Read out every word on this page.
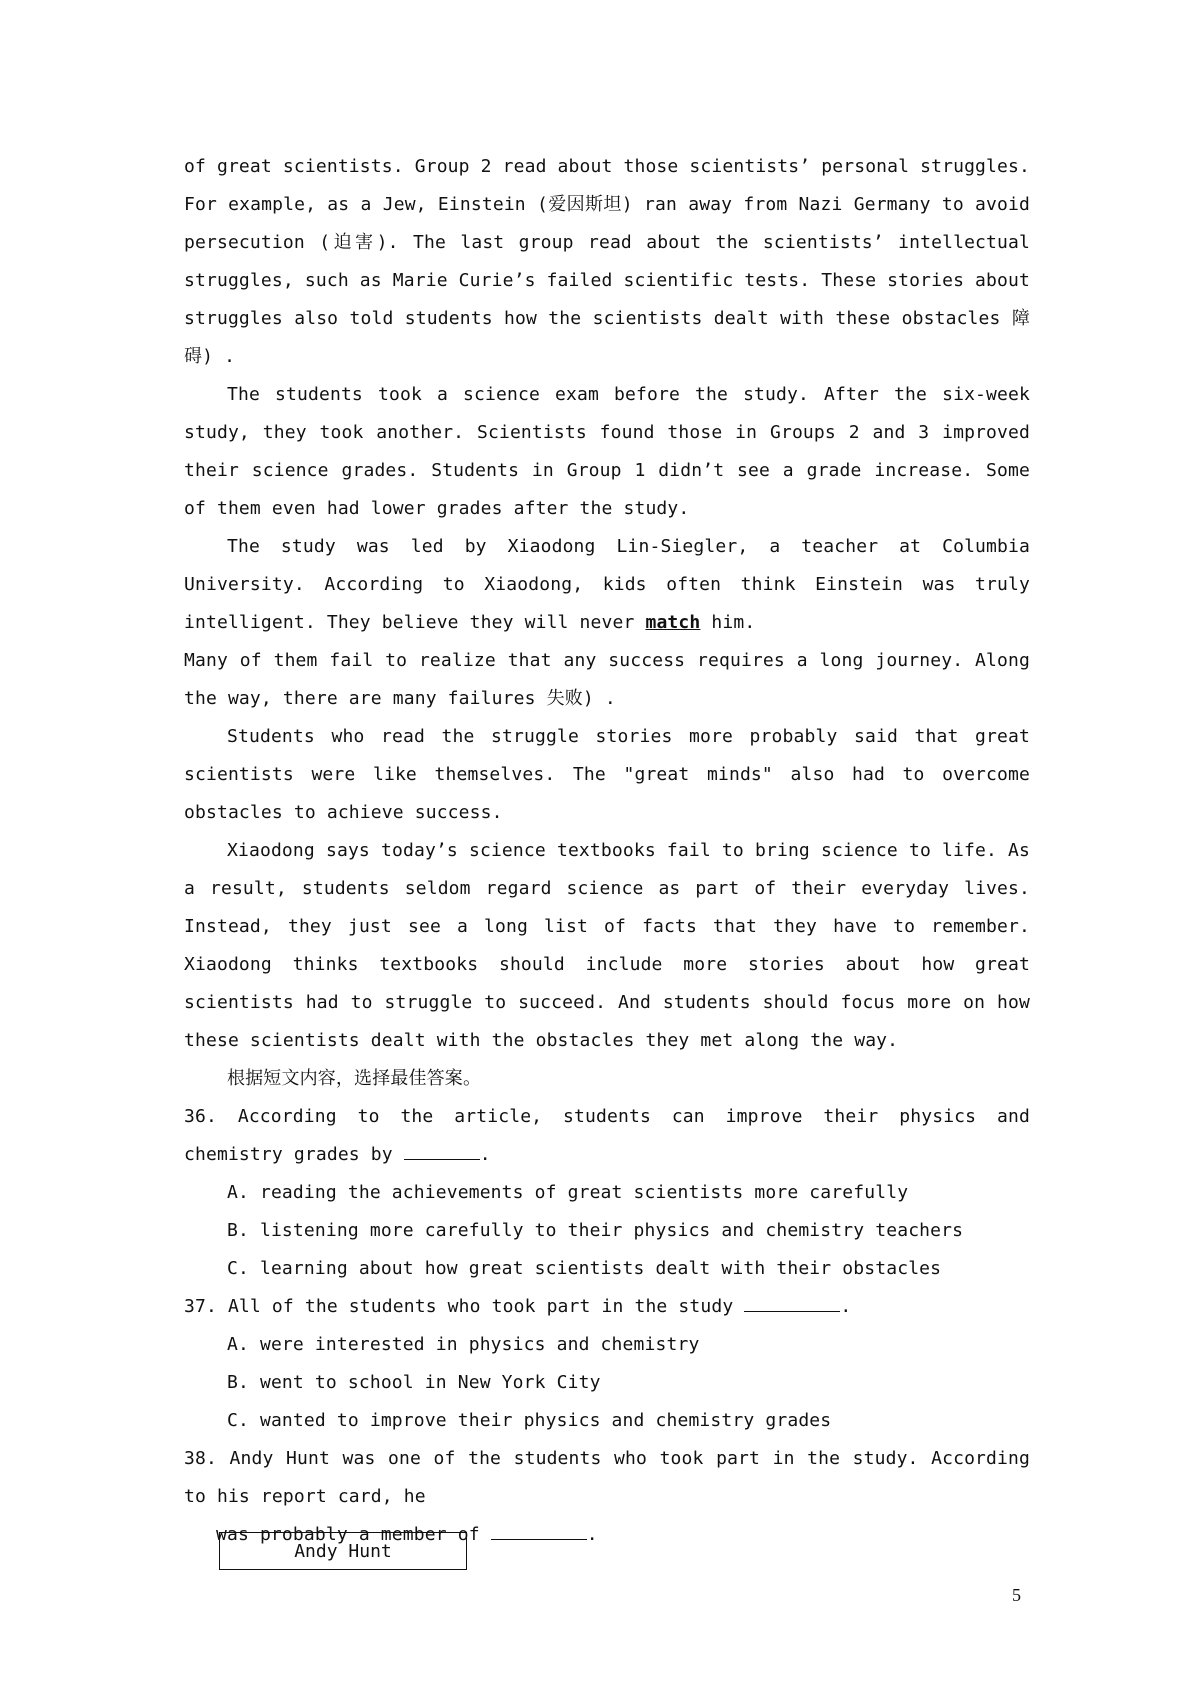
of great scientists. Group 2 read about those scientists’ personal struggles. For example, as a Jew, Einstein (爱因斯坦) ran away from Nazi Germany to avoid persecution (迫害). The last group read about the scientists’ intellectual struggles, such as Marie Curie’s failed scientific tests. These stories about struggles also told students how the scientists dealt with these obstacles 障碍) .

The students took a science exam before the study. After the six-week study, they took another. Scientists found those in Groups 2 and 3 improved their science grades. Students in Group 1 didn’t see a grade increase. Some of them even had lower grades after the study.

The study was led by Xiaodong Lin-Siegler, a teacher at Columbia University. According to Xiaodong, kids often think Einstein was truly intelligent. They believe they will never match him.

Many of them fail to realize that any success requires a long journey. Along the way, there are many failures 失败) .

Students who read the struggle stories more probably said that great scientists were like themselves. The "great minds" also had to overcome obstacles to achieve success.

Xiaodong says today’s science textbooks fail to bring science to life. As a result, students seldom regard science as part of their everyday lives. Instead, they just see a long list of facts that they have to remember. Xiaodong thinks textbooks should include more stories about how great scientists had to struggle to succeed. And students should focus more on how these scientists dealt with the obstacles they met along the way.

根据短文内容，选择最佳答案。

36. According to the article, students can improve their physics and chemistry grades by	.

A. reading the achievements of great scientists more carefully

B. listening more carefully to their physics and chemistry teachers

C. learning about how great scientists dealt with their obstacles

37. All of the students who took part in the study	.

A. were interested in physics and chemistry

B. went to school in New York City

C. wanted to improve their physics and chemistry grades

38. Andy Hunt was one of the students who took part in the study. According to his report card, he

was probably a member of	.

Andy Hunt
5
